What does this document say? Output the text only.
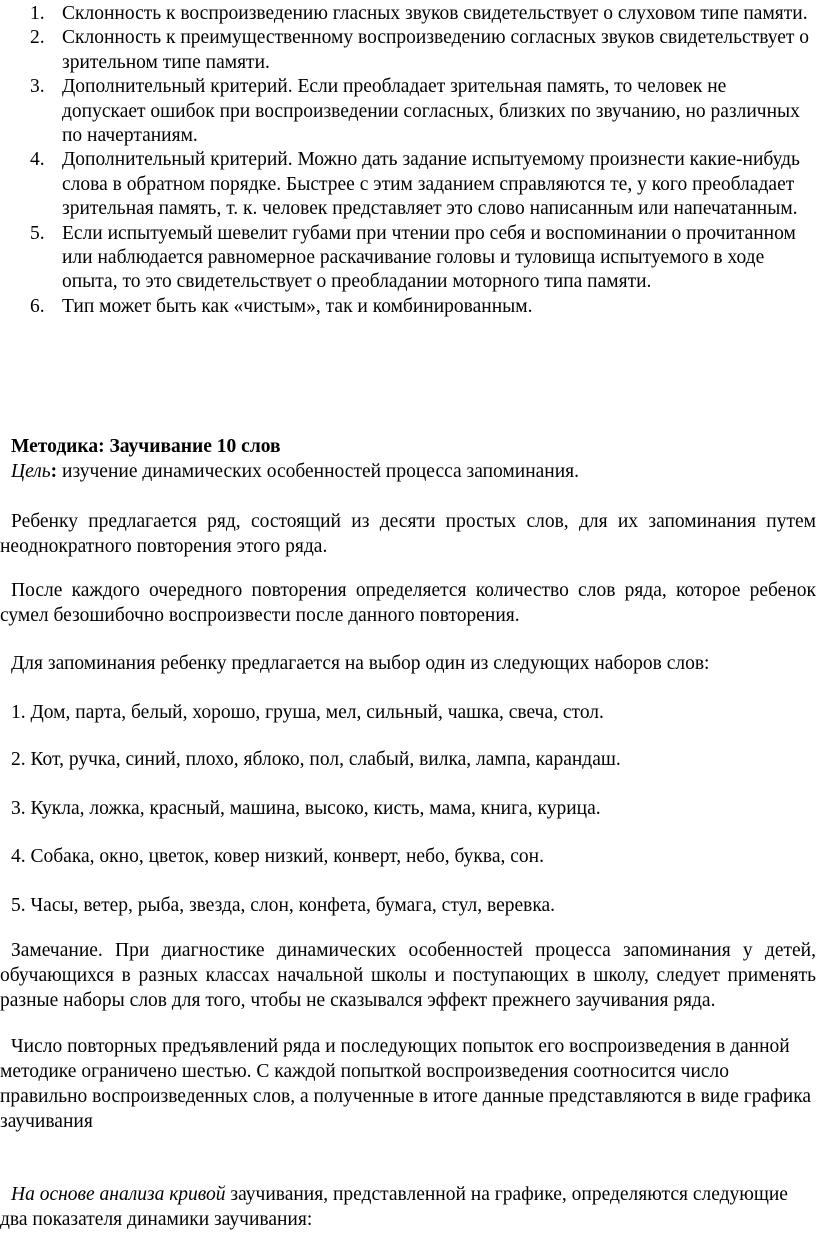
1. Склонность к воспроизведению гласных звуков свидетельствует о слуховом типе памяти.
2. Склонность к преимущественному воспроизведению согласных звуков свидетельствует о зрительном типе памяти.
3. Дополнительный критерий. Если преобладает зрительная память, то человек не допускает ошибок при воспроизведении согласных, близких по звучанию, но различных по начертаниям.
4. Дополнительный критерий. Можно дать задание испытуемому произнести какие-нибудь слова в обратном порядке. Быстрее с этим заданием справляются те, у кого преобладает зрительная память, т. к. человек представляет это слово написанным или напечатанным.
5. Если испытуемый шевелит губами при чтении про себя и воспоминании о прочитанном или наблюдается равномерное раскачивание головы и туловища испытуемого в ходе опыта, то это свидетельствует о преобладании моторного типа памяти.
6. Тип может быть как «чистым», так и комбинированным.
Методика: Заучивание 10 слов
Цель: изучение динамических особенностей процесса запоминания.
Ребенку предлагается ряд, состоящий из десяти простых слов, для их запоминания путем неоднократного повторения этого ряда.
После каждого очередного повторения определяется количество слов ряда, которое ребенок сумел безошибочно воспроизвести после данного повторения.
Для запоминания ребенку предлагается на выбор один из следующих наборов слов:
1. Дом, парта, белый, хорошо, груша, мел, сильный, чашка, свеча, стол.
2. Кот, ручка, синий, плохо, яблоко, пол, слабый, вилка, лампа, карандаш.
3. Кукла, ложка, красный, машина, высоко, кисть, мама, книга, курица.
4. Собака, окно, цветок, ковер низкий, конверт, небо, буква, сон.
5. Часы, ветер, рыба, звезда, слон, конфета, бумага, стул, веревка.
Замечание. При диагностике динамических особенностей процесса запоминания у детей, обучающихся в разных классах начальной школы и поступающих в школу, следует применять разные наборы слов для того, чтобы не сказывался эффект прежнего заучивания ряда.
Число повторных предъявлений ряда и последующих попыток его воспроизведения в данной методике ограничено шестью. С каждой попыткой воспроизведения соотносится число правильно воспроизведенных слов, а полученные в итоге данные представляются в виде графика заучивания
На основе анализа кривой заучивания, представленной на графике, определяются следующие два показателя динамики заучивания:
